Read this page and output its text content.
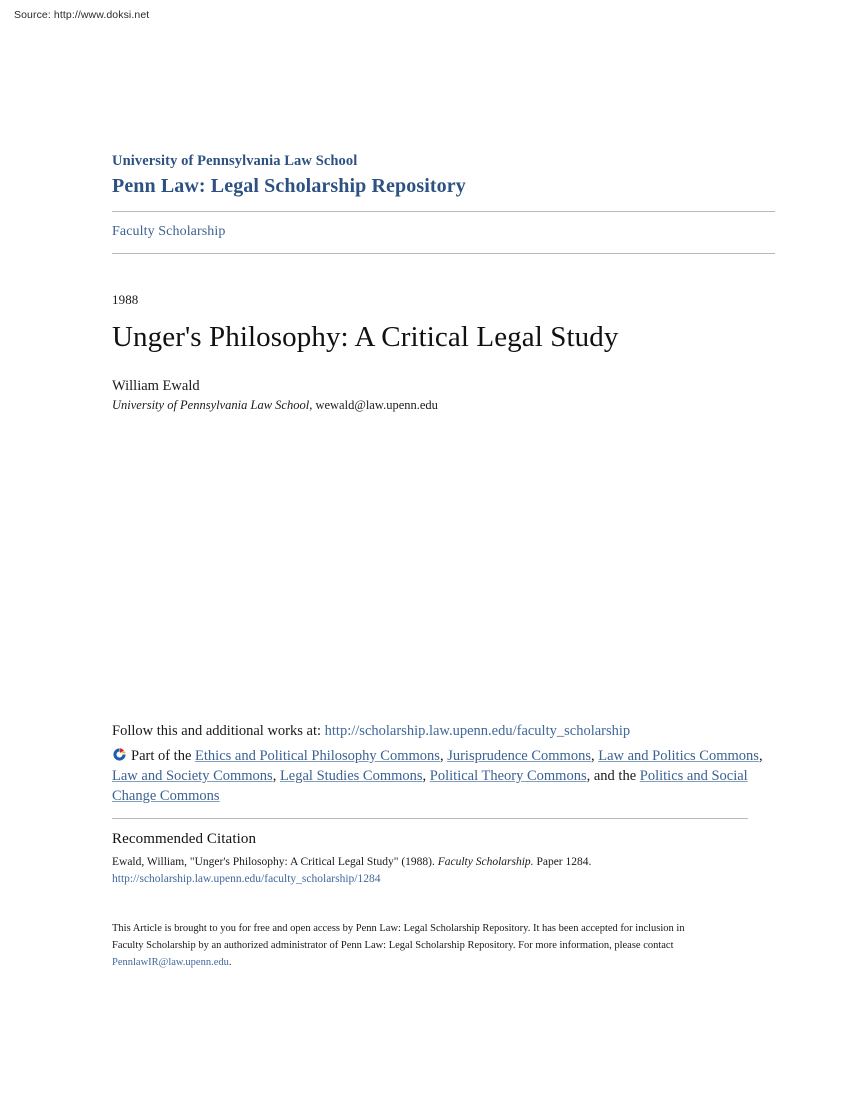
Source: http://www.doksi.net
University of Pennsylvania Law School
Penn Law: Legal Scholarship Repository
Faculty Scholarship
1988
Unger's Philosophy: A Critical Legal Study
William Ewald
University of Pennsylvania Law School, wewald@law.upenn.edu
Follow this and additional works at: http://scholarship.law.upenn.edu/faculty_scholarship
Part of the Ethics and Political Philosophy Commons, Jurisprudence Commons, Law and Politics Commons, Law and Society Commons, Legal Studies Commons, Political Theory Commons, and the Politics and Social Change Commons
Recommended Citation
Ewald, William, "Unger's Philosophy: A Critical Legal Study" (1988). Faculty Scholarship. Paper 1284.
http://scholarship.law.upenn.edu/faculty_scholarship/1284
This Article is brought to you for free and open access by Penn Law: Legal Scholarship Repository. It has been accepted for inclusion in Faculty Scholarship by an authorized administrator of Penn Law: Legal Scholarship Repository. For more information, please contact PennlawIR@law.upenn.edu.
